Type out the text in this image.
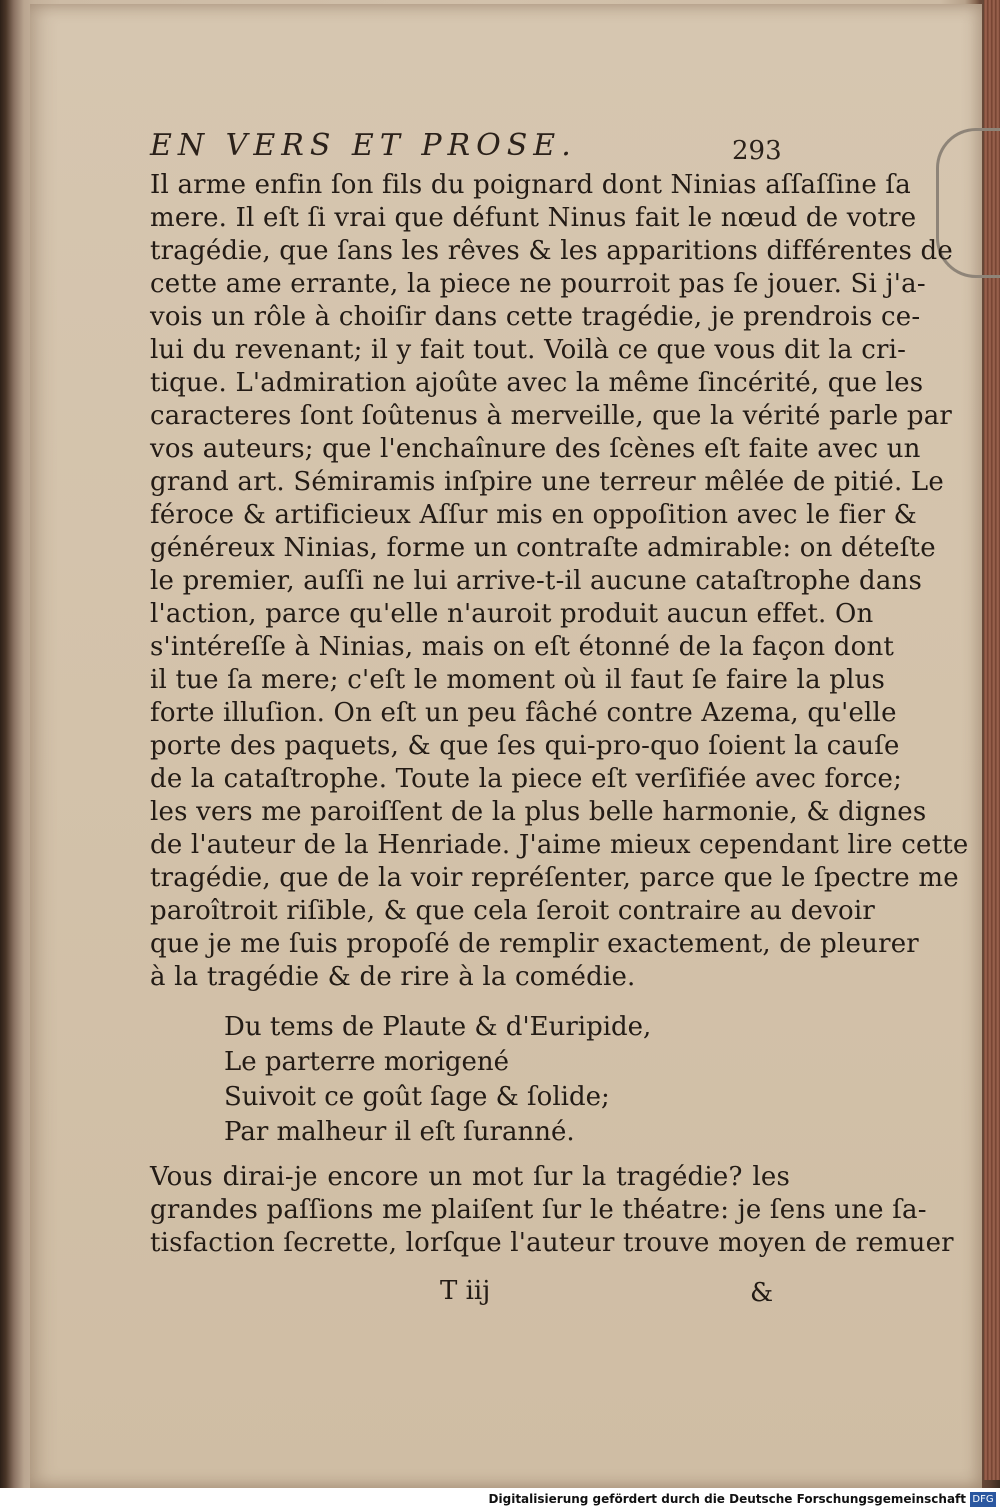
EN VERS ET PROSE.	293
Il arme enfin ſon fils du poignard dont Ninias aſſaſſine ſa
mere. Il eſt ſi vrai que défunt Ninus fait le nœud de votre
tragédie, que ſans les rêves & les apparitions différentes de
cette ame errante, la piece ne pourroit pas ſe jouer. Si j'a-
vois un rôle à choiſir dans cette tragédie, je prendrois ce-
lui du revenant; il y fait tout. Voilà ce que vous dit la cri-
tique. L'admiration ajoûte avec la même ſincérité, que les
caracteres ſont ſoûtenus à merveille, que la vérité parle par
vos auteurs; que l'enchaînure des ſcènes eſt faite avec un
grand art. Sémiramis inſpire une terreur mêlée de pitié. Le
féroce & artificieux Aſſur mis en oppoſition avec le fier &
généreux Ninias, forme un contraſte admirable: on déteſte
le premier, auſſi ne lui arrive-t-il aucune cataſtrophe dans
l'action, parce qu'elle n'auroit produit aucun effet. On
s'intéreſſe à Ninias, mais on eſt étonné de la façon dont
il tue ſa mere; c'eſt le moment où il faut ſe faire la plus
forte illuſion. On eſt un peu fâché contre Azema, qu'elle
porte des paquets, & que ſes qui-pro-quo ſoient la cauſe
de la cataſtrophe. Toute la piece eſt verſifiée avec force;
les vers me paroiſſent de la plus belle harmonie, & dignes
de l'auteur de la Henriade. J'aime mieux cependant lire cette
tragédie, que de la voir repréſenter, parce que le ſpectre me
paroîtroit riſible, & que cela ſeroit contraire au devoir
que je me ſuis propoſé de remplir exactement, de pleurer
à la tragédie & de rire à la comédie.
Du tems de Plaute & d'Euripide,
Le parterre morigené
Suivoit ce goût ſage & ſolide;
Par malheur il eſt ſuranné.
Vous dirai-je encore un mot ſur la tragédie? les
grandes paſſions me plaiſent ſur le théatre: je ſens une ſa-
tisfaction ſecrette, lorſque l'auteur trouve moyen de remuer
T iij	&
Digitalisierung gefördert durch die Deutsche Forschungsgemeinschaft DFG
